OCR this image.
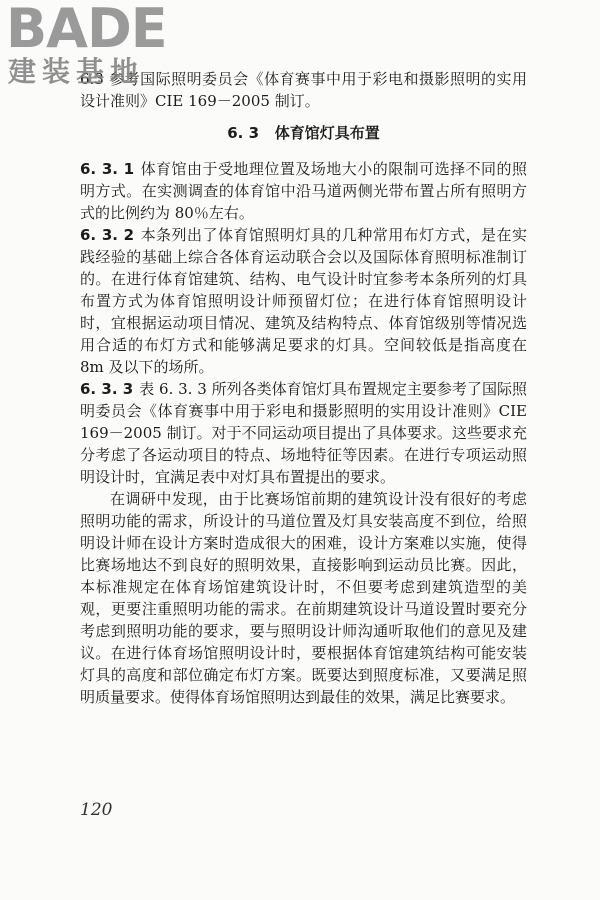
BADE
建装基地

6.3 参考国际照明委员会《体育赛事中用于彩电和摄影照明的实用设计准则》CIE 169－2005 制订。

6. 3 体育馆灯具布置

6. 3. 1 体育馆由于受地理位置及场地大小的限制可选择不同的照明方式。在实测调查的体育馆中沿马道两侧光带布置占所有照明方式的比例约为 80％左右。

6. 3. 2 本条列出了体育馆照明灯具的几种常用布灯方式，是在实践经验的基础上综合各体育运动联合会以及国际体育照明标准制订的。在进行体育馆建筑、结构、电气设计时宜参考本条所列的灯具布置方式为体育馆照明设计师预留灯位；在进行体育馆照明设计时，宜根据运动项目情况、建筑及结构特点、体育馆级别等情况选用合适的布灯方式和能够满足要求的灯具。空间较低是指高度在 8m 及以下的场所。

6. 3. 3 表 6. 3. 3 所列各类体育馆灯具布置规定主要参考了国际照明委员会《体育赛事中用于彩电和摄影照明的实用设计准则》CIE 169－2005 制订。对于不同运动项目提出了具体要求。这些要求充分考虑了各运动项目的特点、场地特征等因素。在进行专项运动照明设计时，宜满足表中对灯具布置提出的要求。

在调研中发现，由于比赛场馆前期的建筑设计没有很好的考虑照明功能的需求，所设计的马道位置及灯具安装高度不到位，给照明设计师在设计方案时造成很大的困难，设计方案难以实施，使得比赛场地达不到良好的照明效果，直接影响到运动员比赛。因此，本标准规定在体育场馆建筑设计时，不但要考虑到建筑造型的美观，更要注重照明功能的需求。在前期建筑设计马道设置时要充分考虑到照明功能的要求，要与照明设计师沟通听取他们的意见及建议。在进行体育场馆照明设计时，要根据体育馆建筑结构可能安装灯具的高度和部位确定布灯方案。既要达到照度标准，又要满足照明质量要求。使得体育场馆照明达到最佳的效果，满足比赛要求。

120
